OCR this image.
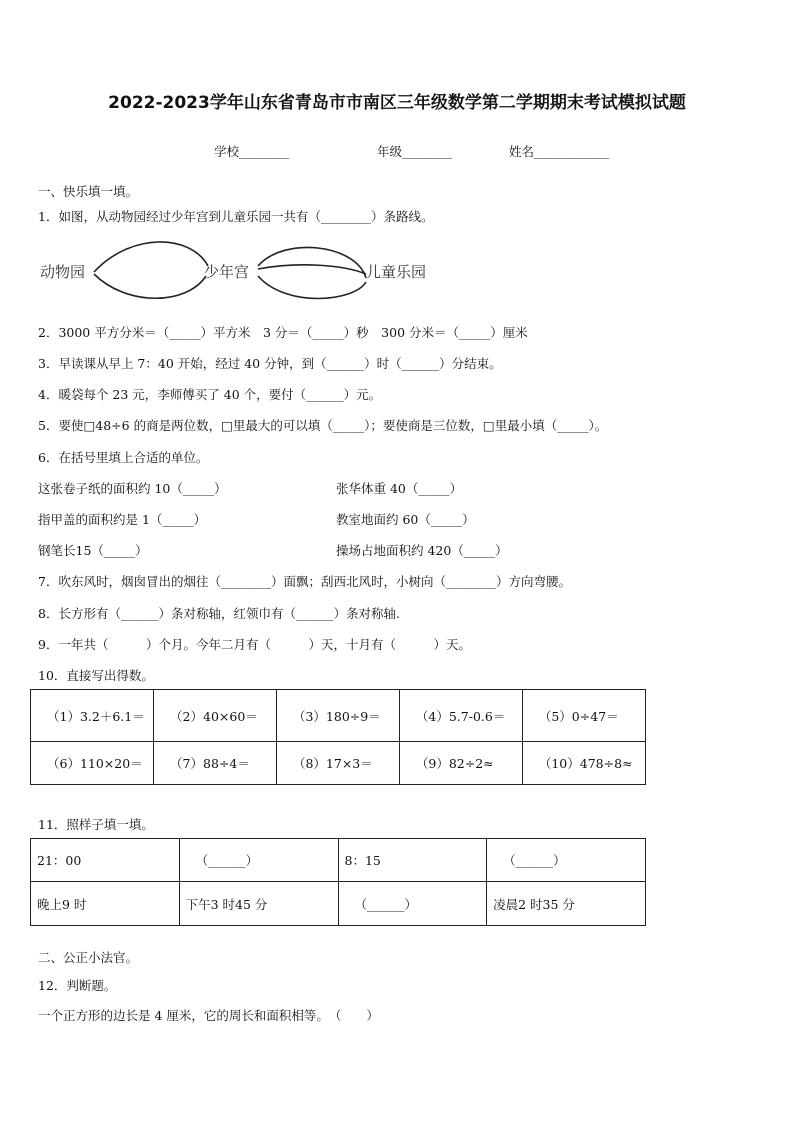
2022-2023学年山东省青岛市市南区三年级数学第二学期期末考试模拟试题
学校________	年级________	姓名____________
一、快乐填一填。
1．如图，从动物园经过少年宫到儿童乐园一共有（________）条路线。
动物园	少年宫	儿童乐园
2．3000 平方分米＝（_____）平方米　3 分＝（_____）秒　300 分米＝（_____）厘米
3．早读课从早上 7：40 开始，经过 40 分钟，到（______）时（______）分结束。
4．暖袋每个 23 元，李师傅买了 40 个，要付（______）元。
5．要使□48÷6 的商是两位数，□里最大的可以填（_____）；要使商是三位数，□里最小填（_____）。
6．在括号里填上合适的单位。
这张卷子纸的面积约 10（_____）	张华体重 40（_____）
指甲盖的面积约是 1（_____）	教室地面约 60（_____）
钢笔长15（_____）	操场占地面积约 420（_____）
7．吹东风时，烟囱冒出的烟往（________）面飘；刮西北风时，小树向（________）方向弯腰。
8．长方形有（______）条对称轴，红领巾有（______）条对称轴.
9．一年共（　　　）个月。今年二月有（　　　）天，十月有（　　　）天。
10．直接写出得数。
（1）3.2＋6.1＝	（2）40×60＝	（3）180÷9＝	（4）5.7-0.6＝	（5）0÷47＝
（6）110×20＝	（7）88÷4＝	（8）17×3＝	（9）82÷2≈	（10）478÷8≈
11．照样子填一填。
21：00	（______）	8：15	（______）
晚上9 时	下午3 时45 分	（______）	凌晨2 时35 分
二、公正小法官。
12．判断题。
一个正方形的边长是 4 厘米，它的周长和面积相等。　（　　）
